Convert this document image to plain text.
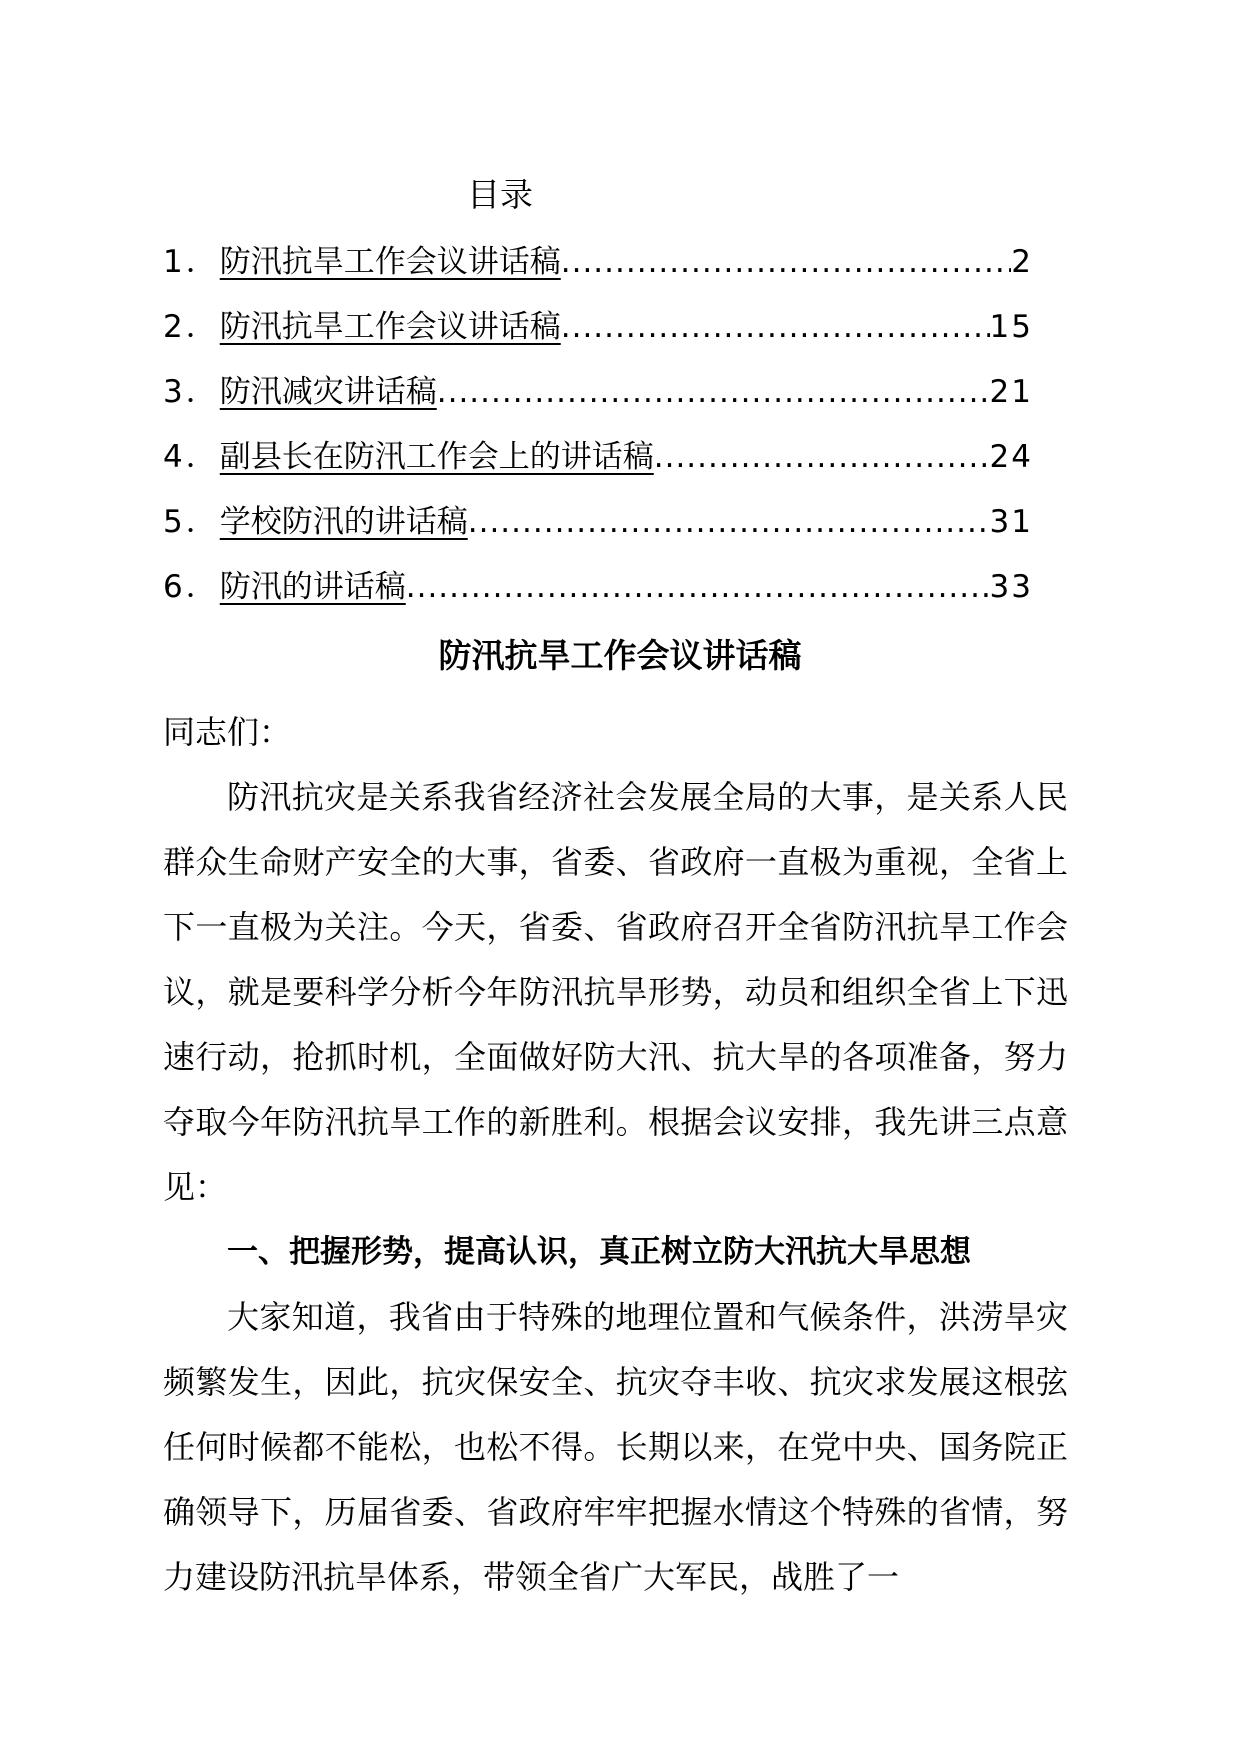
目录
1． 防汛抗旱工作会议讲话稿 .....	2
2． 防汛抗旱工作会议讲话稿 .....	15
3． 防汛减灾讲话稿 .....	21
4． 副县长在防汛工作会上的讲话稿 .....	24
5． 学校防汛的讲话稿 .....	31
6． 防汛的讲话稿 .....	33
防汛抗旱工作会议讲话稿

同志们：

防汛抗灾是关系我省经济社会发展全局的大事，是关系人民群众生命财产安全的大事，省委、省政府一直极为重视，全省上下一直极为关注。今天，省委、省政府召开全省防汛抗旱工作会议，就是要科学分析今年防汛抗旱形势，动员和组织全省上下迅速行动，抢抓时机，全面做好防大汛、抗大旱的各项准备，努力夺取今年防汛抗旱工作的新胜利。根据会议安排，我先讲三点意见：

一、把握形势，提高认识，真正树立防大汛抗大旱思想

大家知道，我省由于特殊的地理位置和气候条件，洪涝旱灾频繁发生，因此，抗灾保安全、抗灾夺丰收、抗灾求发展这根弦任何时候都不能松，也松不得。长期以来，在党中央、国务院正确领导下，历届省委、省政府牢牢把握水情这个特殊的省情，努力建设防汛抗旱体系，带领全省广大军民，战胜了一
